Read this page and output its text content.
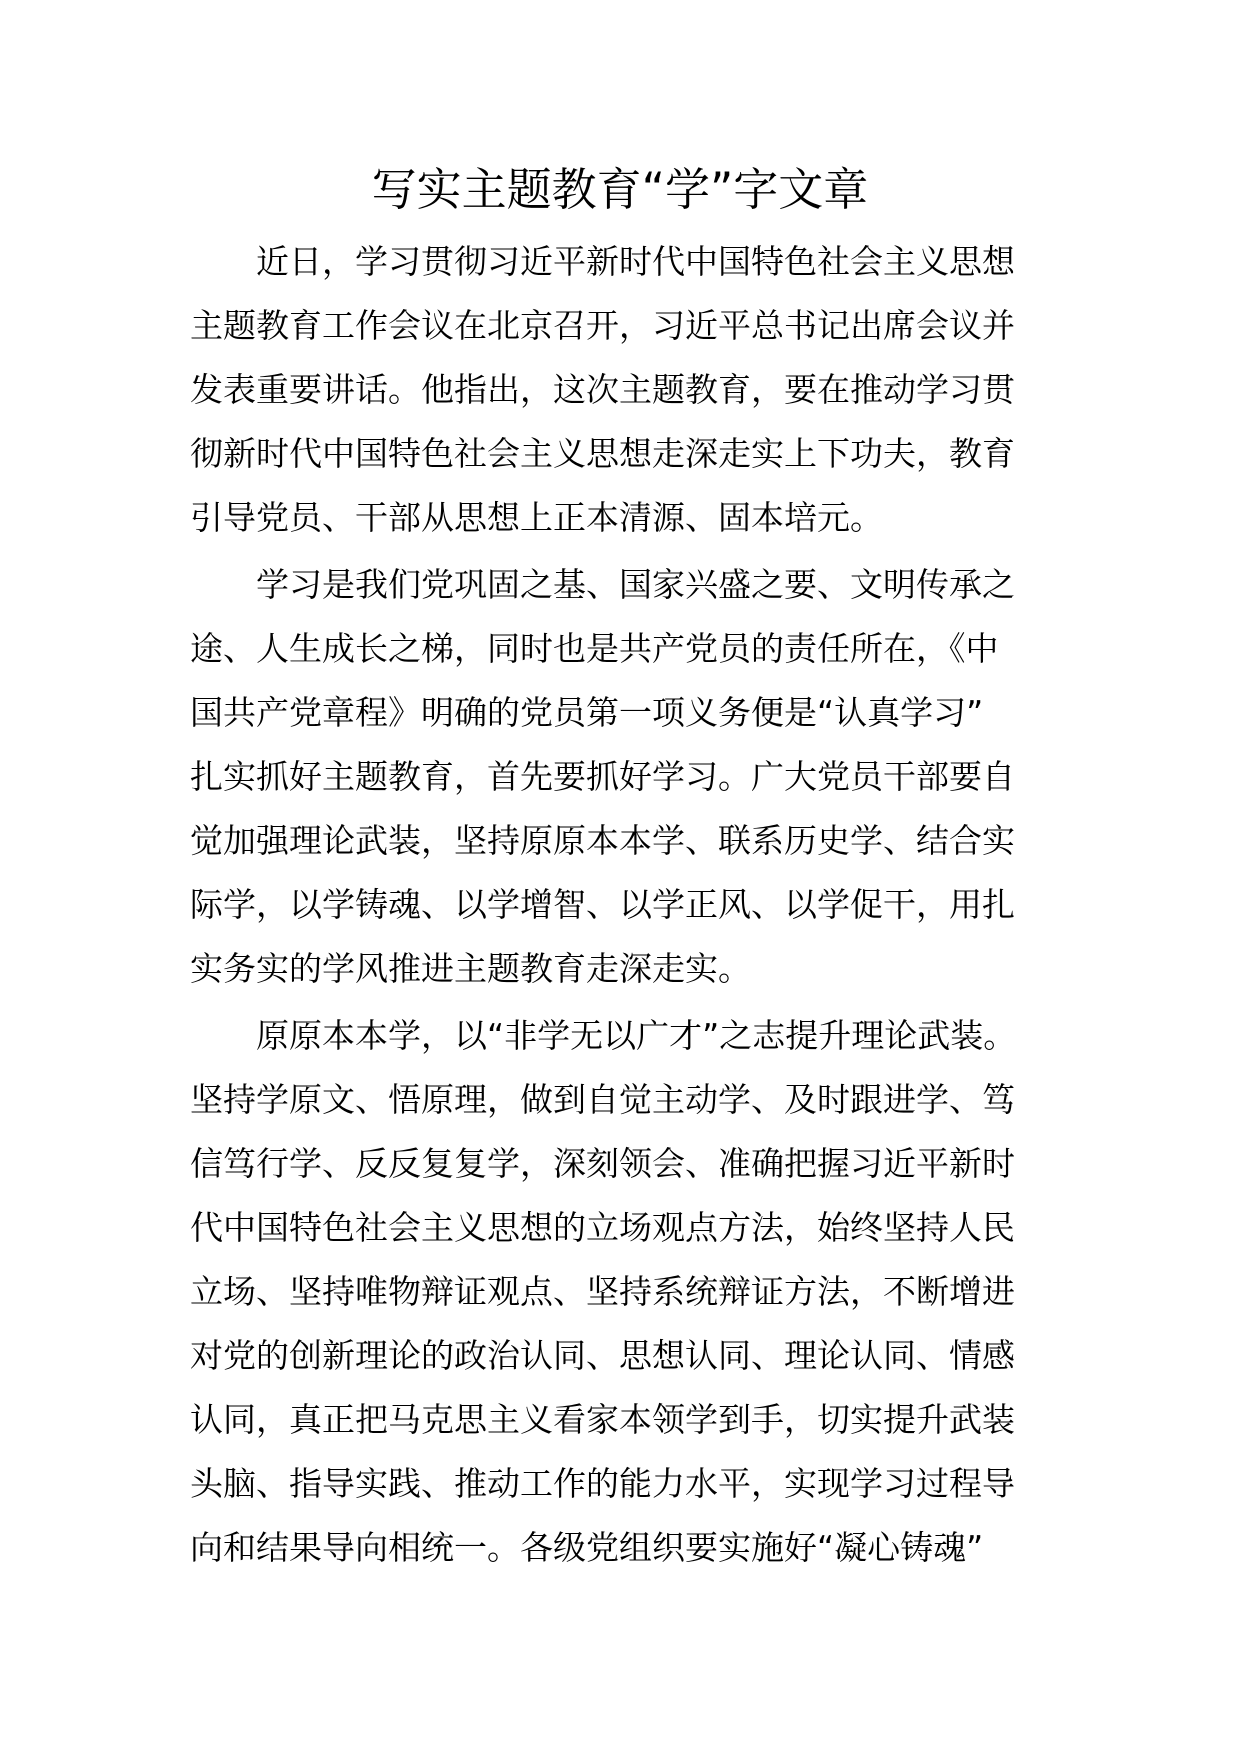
写实主题教育“学”字文章

近日，学习贯彻习近平新时代中国特色社会主义思想

主题教育工作会议在北京召开，习近平总书记出席会议并

发表重要讲话。他指出，这次主题教育，要在推动学习贯

彻新时代中国特色社会主义思想走深走实上下功夫，教育

引导党员、干部从思想上正本清源、固本培元。

学习是我们党巩固之基、国家兴盛之要、文明传承之

途、人生成长之梯，同时也是共产党员的责任所在，《中

国共产党章程》明确的党员第一项义务便是“认真学习”

扎实抓好主题教育，首先要抓好学习。广大党员干部要自

觉加强理论武装，坚持原原本本学、联系历史学、结合实

际学，以学铸魂、以学增智、以学正风、以学促干，用扎

实务实的学风推进主题教育走深走实。

原原本本学，以“非学无以广才”之志提升理论武装。

坚持学原文、悟原理，做到自觉主动学、及时跟进学、笃

信笃行学、反反复复学，深刻领会、准确把握习近平新时

代中国特色社会主义思想的立场观点方法，始终坚持人民

立场、坚持唯物辩证观点、坚持系统辩证方法，不断增进

对党的创新理论的政治认同、思想认同、理论认同、情感

认同，真正把马克思主义看家本领学到手，切实提升武装

头脑、指导实践、推动工作的能力水平，实现学习过程导

向和结果导向相统一。各级党组织要实施好“凝心铸魂”
